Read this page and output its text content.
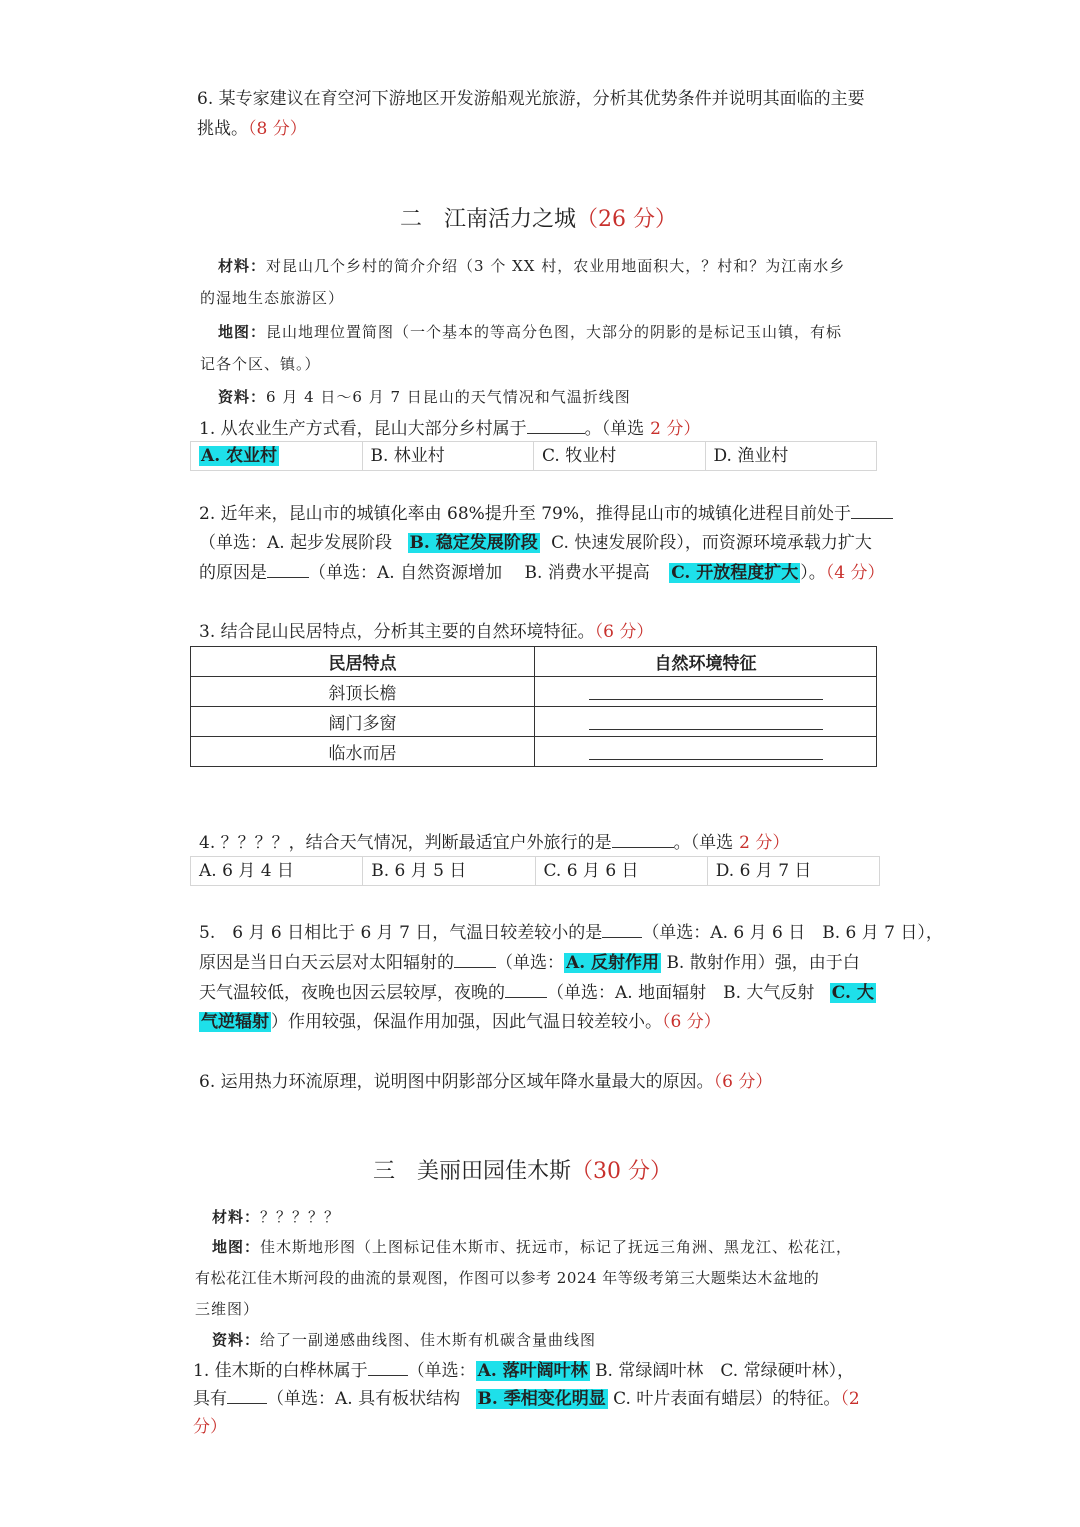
6. 某专家建议在育空河下游地区开发游船观光旅游，分析其优势条件并说明其面临的主要
挑战。（8 分）
二　江南活力之城（26 分）
材料：对昆山几个乡村的简介介绍（3 个 XX 村，农业用地面积大，？村和？为江南水乡
的湿地生态旅游区）
地图：昆山地理位置简图（一个基本的等高分色图，大部分的阴影的是标记玉山镇，有标
记各个区、镇。）
资料：6 月 4 日～6 月 7 日昆山的天气情况和气温折线图
1. 从农业生产方式看，昆山大部分乡村属于	。（单选 2 分）
A. 农业村	B. 林业村	C. 牧业村	D. 渔业村
2. 近年来，昆山市的城镇化率由 68%提升至 79%，推得昆山市的城镇化进程目前处于
（单选：A. 起步发展阶段 B. 稳定发展阶段 C. 快速发展阶段），而资源环境承载力扩大
的原因是 （单选：A. 自然资源增加　 B. 消费水平提高 C. 开放程度扩大 ）。（4 分）
3. 结合昆山民居特点，分析其主要的自然环境特征。（6 分）
民居特点	自然环境特征
斜顶长檐	
阔门多窗	
临水而居	
4. ？？？？，结合天气情况，判断最适宜户外旅行的是	。（单选 2 分）
A. 6 月 4 日	B. 6 月 5 日	C. 6 月 6 日	D. 6 月 7 日
5.　6 月 6 日相比于 6 月 7 日，气温日较差较小的是 （单选：A. 6 月 6 日　B. 6 月 7 日），
原因是当日白天云层对太阳辐射的 （单选： A. 反射作用 B. 散射作用）强，由于白
天气温较低，夜晚也因云层较厚，夜晚的 （单选：A. 地面辐射　B. 大气反射 C. 大
气逆辐射 ）作用较强，保温作用加强，因此气温日较差较小。（6 分）
6. 运用热力环流原理，说明图中阴影部分区域年降水量最大的原因。（6 分）
三　美丽田园佳木斯（30 分）
材料：？？？？？
地图：佳木斯地形图（上图标记佳木斯市、抚远市，标记了抚远三角洲、黑龙江、松花江，
有松花江佳木斯河段的曲流的景观图，作图可以参考 2024 年等级考第三大题柴达木盆地的
三维图）
资料：给了一副递感曲线图、佳木斯有机碳含量曲线图
1. 佳木斯的白桦林属于 （单选： A. 落叶阔叶林 B. 常绿阔叶林　C. 常绿硬叶林），
具有 （单选：A. 具有板状结构 B. 季相变化明显 C. 叶片表面有蜡层）的特征。（2
分）
